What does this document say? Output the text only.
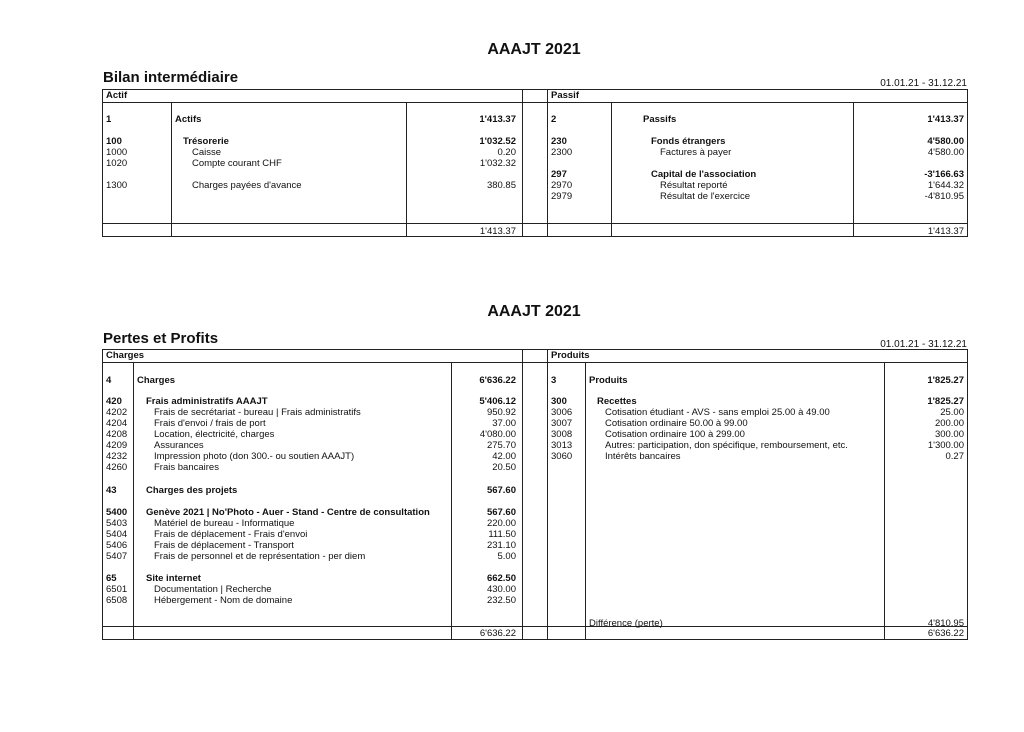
AAAJT 2021
Bilan intermédiaire	01.01.21 - 31.12.21
Actif	Passif
1	Actifs	1'413.37	2	Passifs	1'413.37
100	Trésorerie	1'032.52
1000	Caisse	0.20
1020	Compte courant CHF	1'032.32
1300	Charges payées d'avance	380.85
230	Fonds étrangers	4'580.00
2300	Factures à payer	4'580.00
297	Capital de l'association	-3'166.63
2970	Résultat reporté	1'644.32
2979	Résultat de l'exercice	-4'810.95
1'413.37	1'413.37
AAAJT 2021
Pertes et Profits	01.01.21 - 31.12.21
Charges	Produits
4	Charges	6'636.22	3	Produits	1'825.27
420	Frais administratifs AAAJT	5'406.12
4202	Frais de secrétariat - bureau | Frais administratifs	950.92
4204	Frais d'envoi / frais de port	37.00
4208	Location, électricité, charges	4'080.00
4209	Assurances	275.70
4232	Impression photo (don 300.- ou soutien AAAJT)	42.00
4260	Frais bancaires	20.50
43	Charges des projets	567.60
5400 Genève 2021 | No'Photo - Auer - Stand - Centre de consultation	567.60
5403	Matériel de bureau - Informatique	220.00
5404	Frais de déplacement - Frais d'envoi	111.50
5406	Frais de déplacement - Transport	231.10
5407	Frais de personnel et de représentation - per diem	5.00
65	Site internet	662.50
6501	Documentation | Recherche	430.00
6508	Hébergement - Nom de domaine	232.50
300	Recettes	1'825.27
3006	Cotisation étudiant - AVS - sans emploi 25.00 à 49.00	25.00
3007	Cotisation ordinaire 50.00 à 99.00	200.00
3008	Cotisation ordinaire 100 à 299.00	300.00
3013	Autres: participation, don spécifique, remboursement, etc.	1'300.00
3060	Intérêts bancaires	0.27
Différence (perte)	4'810.95
6'636.22	6'636.22
